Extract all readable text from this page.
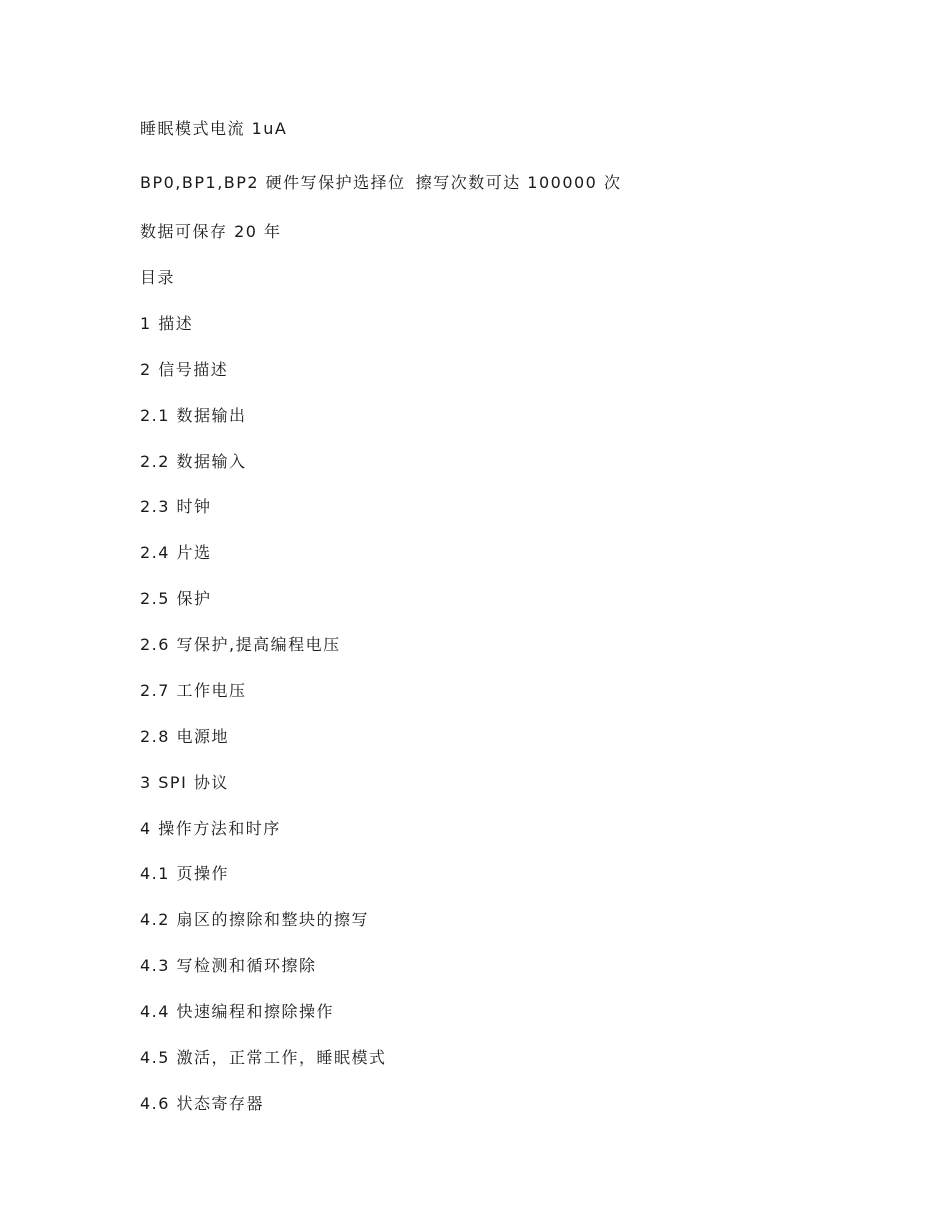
睡眠模式电流 1uA
BP0,BP1,BP2 硬件写保护选择位 擦写次数可达 100000 次
数据可保存 20 年
目录
1 描述
2 信号描述
2.1 数据输出
2.2 数据输入
2.3 时钟
2.4 片选
2.5 保护
2.6 写保护,提高编程电压
2.7 工作电压
2.8 电源地
3 SPI 协议
4 操作方法和时序
4.1 页操作
4.2 扇区的擦除和整块的擦写
4.3 写检测和循环擦除
4.4 快速编程和擦除操作
4.5 激活，正常工作，睡眠模式
4.6 状态寄存器
